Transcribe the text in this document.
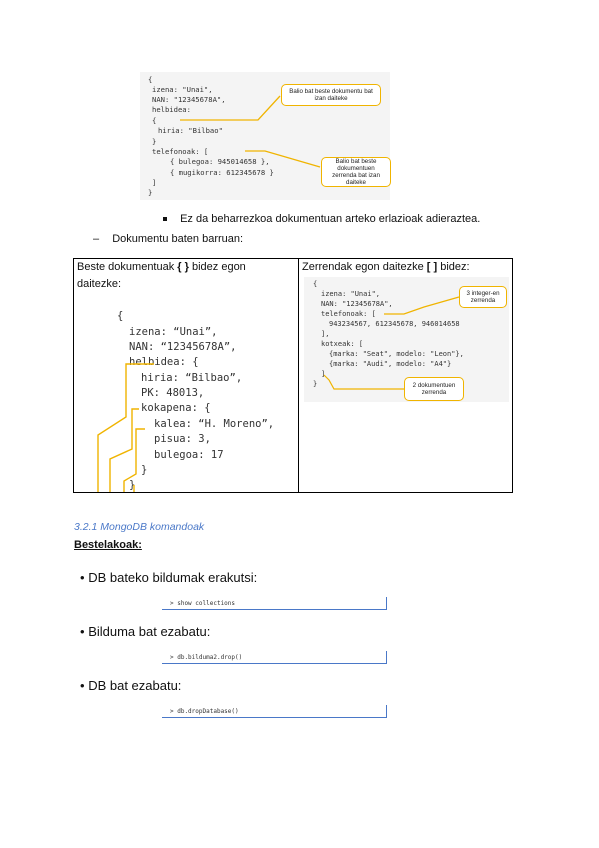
{
izena: "Unai",
NAN: "12345678A",
helbidea:
{
hiria: "Bilbao"
}
telefonoak: [
{ bulegoa: 945014658 },
{ mugikorra: 612345678 }
]
}
Balio bat beste dokumentu bat izan daiteke
Balio bat beste dokumentuen zerrenda bat izan daiteke
Ez da beharrezkoa dokumentuan arteko erlazioak adieraztea.
– Dokumentu baten barruan:
Beste dokumentuak { } bidez egon
daitezke:
{
izena: “Unai”,
NAN: “12345678A”,
helbidea: {
hiria: “Bilbao”,
PK: 48013,
kokapena: {
kalea: “H. Moreno”,
pisua: 3,
bulegoa: 17
}
}
Zerrendak egon daitezke [ ] bidez:
{
izena: "Unai",
NAN: "12345678A",
telefonoak: [
943234567, 612345678, 946014658
],
kotxeak: [
{marka: "Seat", modelo: "Leon"},
{marka: "Audi", modelo: "A4"}
]
}
3 integer-en zerrenda
2 dokumentuen zerrenda
3.2.1 MongoDB komandoak
Bestelakoak:
• DB bateko bildumak erakutsi:
> show collections
• Bilduma bat ezabatu:
> db.bilduma2.drop()
• DB bat ezabatu:
> db.dropDatabase()
